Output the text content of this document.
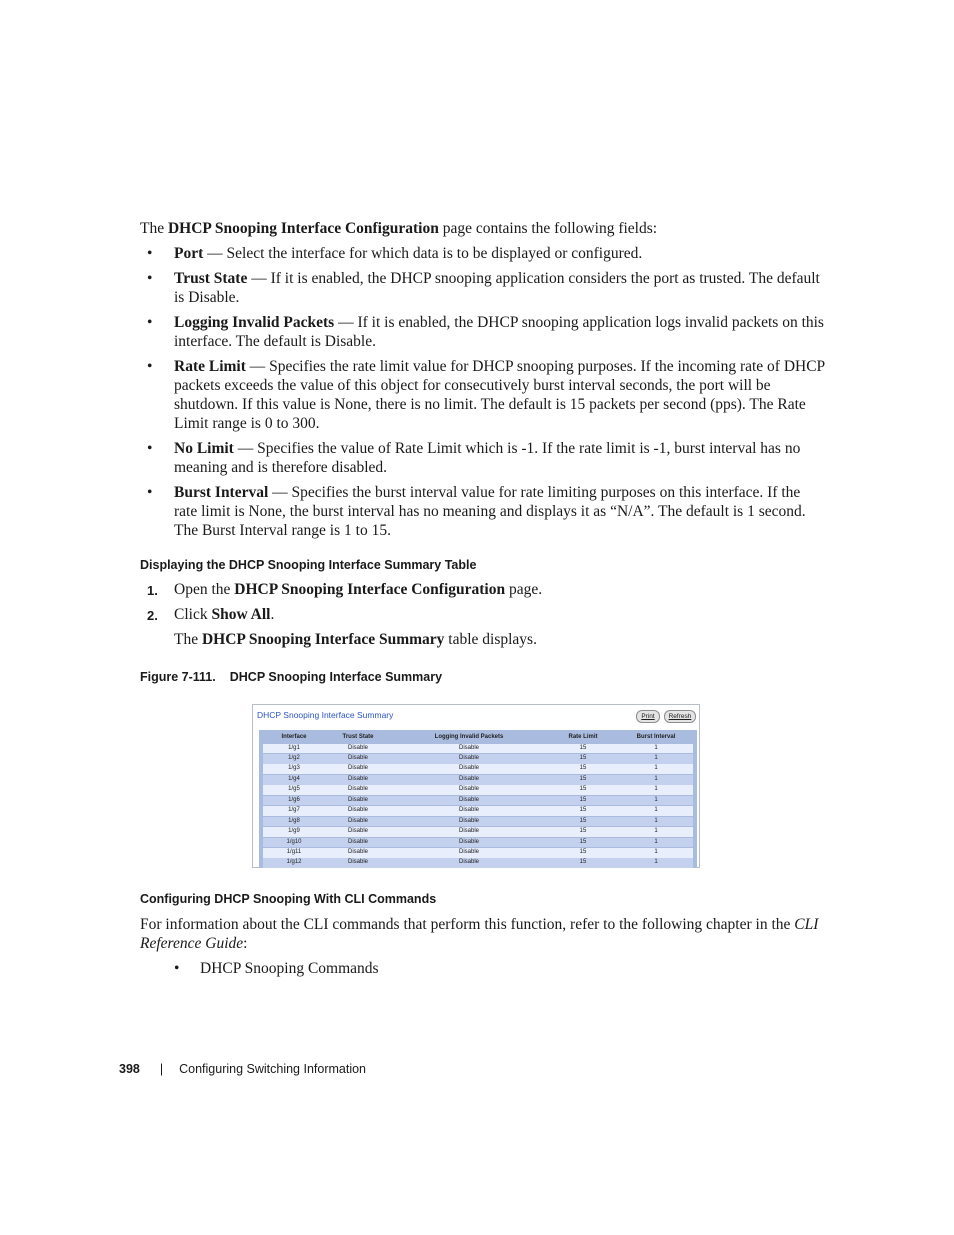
The DHCP Snooping Interface Configuration page contains the following fields:
• Port — Select the interface for which data is to be displayed or configured.
• Trust State — If it is enabled, the DHCP snooping application considers the port as trusted. The default is Disable.
• Logging Invalid Packets — If it is enabled, the DHCP snooping application logs invalid packets on this interface. The default is Disable.
• Rate Limit — Specifies the rate limit value for DHCP snooping purposes. If the incoming rate of DHCP packets exceeds the value of this object for consecutively burst interval seconds, the port will be shutdown. If this value is None, there is no limit. The default is 15 packets per second (pps). The Rate Limit range is 0 to 300.
• No Limit — Specifies the value of Rate Limit which is -1. If the rate limit is -1, burst interval has no meaning and is therefore disabled.
• Burst Interval — Specifies the burst interval value for rate limiting purposes on this interface. If the rate limit is None, the burst interval has no meaning and displays it as “N/A”. The default is 1 second. The Burst Interval range is 1 to 15.
Displaying the DHCP Snooping Interface Summary Table
1. Open the DHCP Snooping Interface Configuration page.
2. Click Show All.
The DHCP Snooping Interface Summary table displays.
Figure 7-111. DHCP Snooping Interface Summary
DHCP Snooping Interface Summary	Print	Refresh
Interface	Trust State	Logging Invalid Packets	Rate Limit	Burst Interval
1/g1	Disable	Disable	15	1
1/g2	Disable	Disable	15	1
1/g3	Disable	Disable	15	1
1/g4	Disable	Disable	15	1
1/g5	Disable	Disable	15	1
1/g6	Disable	Disable	15	1
1/g7	Disable	Disable	15	1
1/g8	Disable	Disable	15	1
1/g9	Disable	Disable	15	1
1/g10	Disable	Disable	15	1
1/g11	Disable	Disable	15	1
1/g12	Disable	Disable	15	1
Configuring DHCP Snooping With CLI Commands
For information about the CLI commands that perform this function, refer to the following chapter in the CLI Reference Guide:
• DHCP Snooping Commands
398 | Configuring Switching Information
